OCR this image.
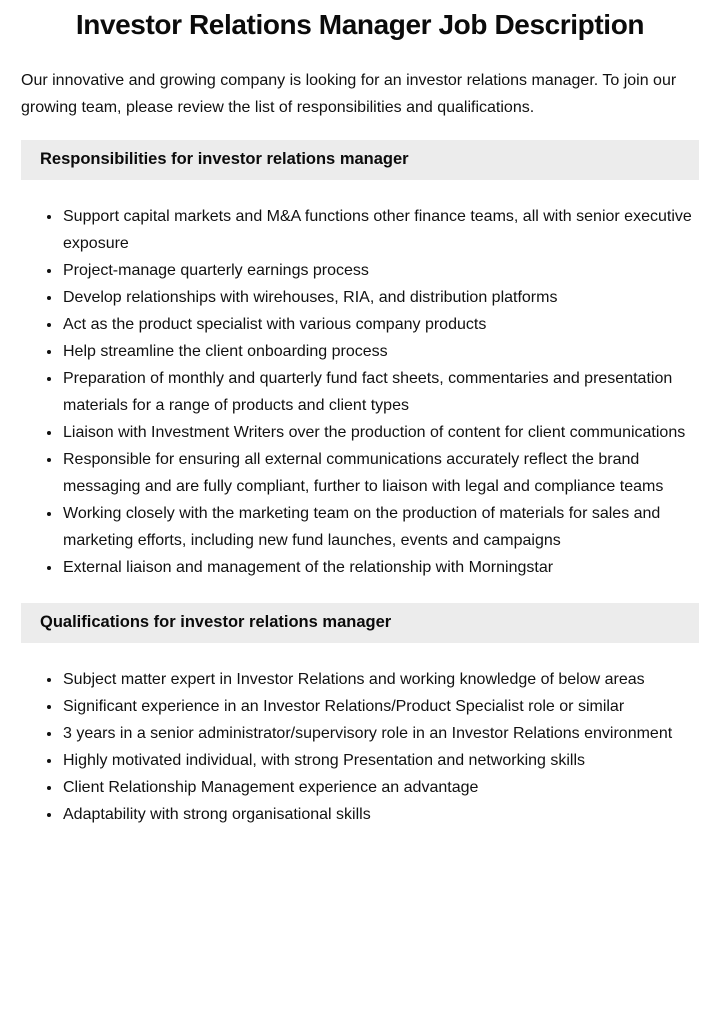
Investor Relations Manager Job Description

Our innovative and growing company is looking for an investor relations manager. To join our growing team, please review the list of responsibilities and qualifications.

Responsibilities for investor relations manager
• Support capital markets and M&A functions other finance teams, all with senior executive exposure
• Project-manage quarterly earnings process
• Develop relationships with wirehouses, RIA, and distribution platforms
• Act as the product specialist with various company products
• Help streamline the client onboarding process
• Preparation of monthly and quarterly fund fact sheets, commentaries and presentation materials for a range of products and client types
• Liaison with Investment Writers over the production of content for client communications
• Responsible for ensuring all external communications accurately reflect the brand messaging and are fully compliant, further to liaison with legal and compliance teams
• Working closely with the marketing team on the production of materials for sales and marketing efforts, including new fund launches, events and campaigns
• External liaison and management of the relationship with Morningstar
Qualifications for investor relations manager
• Subject matter expert in Investor Relations and working knowledge of below areas
• Significant experience in an Investor Relations/Product Specialist role or similar
• 3 years in a senior administrator/supervisory role in an Investor Relations environment
• Highly motivated individual, with strong Presentation and networking skills
• Client Relationship Management experience an advantage
• Adaptability with strong organisational skills
